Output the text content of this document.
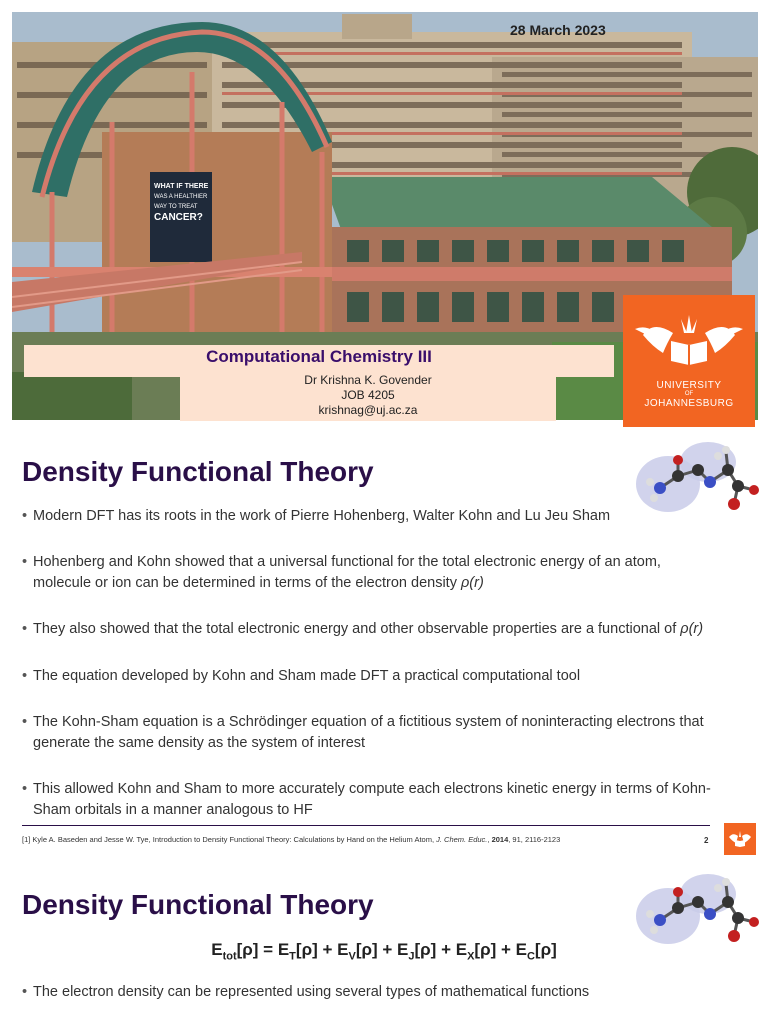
WHAT IF THERE
WAS A HEALTHIER
WAY TO TREAT
CANCER?
28 March 2023
Computational Chemistry III
Dr Krishna K. Govender
JOB 4205
krishnag@uj.ac.za
UNIVERSITY
OF
JOHANNESBURG
Density Functional Theory
• Modern DFT has its roots in the work of Pierre Hohenberg, Walter Kohn and Lu Jeu Sham
• Hohenberg and Kohn showed that a universal functional for the total electronic energy of an atom, molecule or ion can be determined in terms of the electron density ρ(r)
• They also showed that the total electronic energy and other observable properties are a functional of ρ(r)
• The equation developed by Kohn and Sham made DFT a practical computational tool
• The Kohn-Sham equation is a Schrödinger equation of a fictitious system of noninteracting electrons that generate the same density as the system of interest
• This allowed Kohn and Sham to more accurately compute each electrons kinetic energy in terms of Kohn-Sham orbitals in a manner analogous to HF
[1] Kyle A. Baseden and Jesse W. Tye, Introduction to Density Functional Theory: Calculations by Hand on the Helium Atom, J. Chem. Educ., 2014, 91, 2116-2123	2
Density Functional Theory
$E_{tot}[\rho] = E_T[\rho] + E_V[\rho] + E_J[\rho] + E_X[\rho] + E_C[\rho]$
• The electron density can be represented using several types of mathematical functions
